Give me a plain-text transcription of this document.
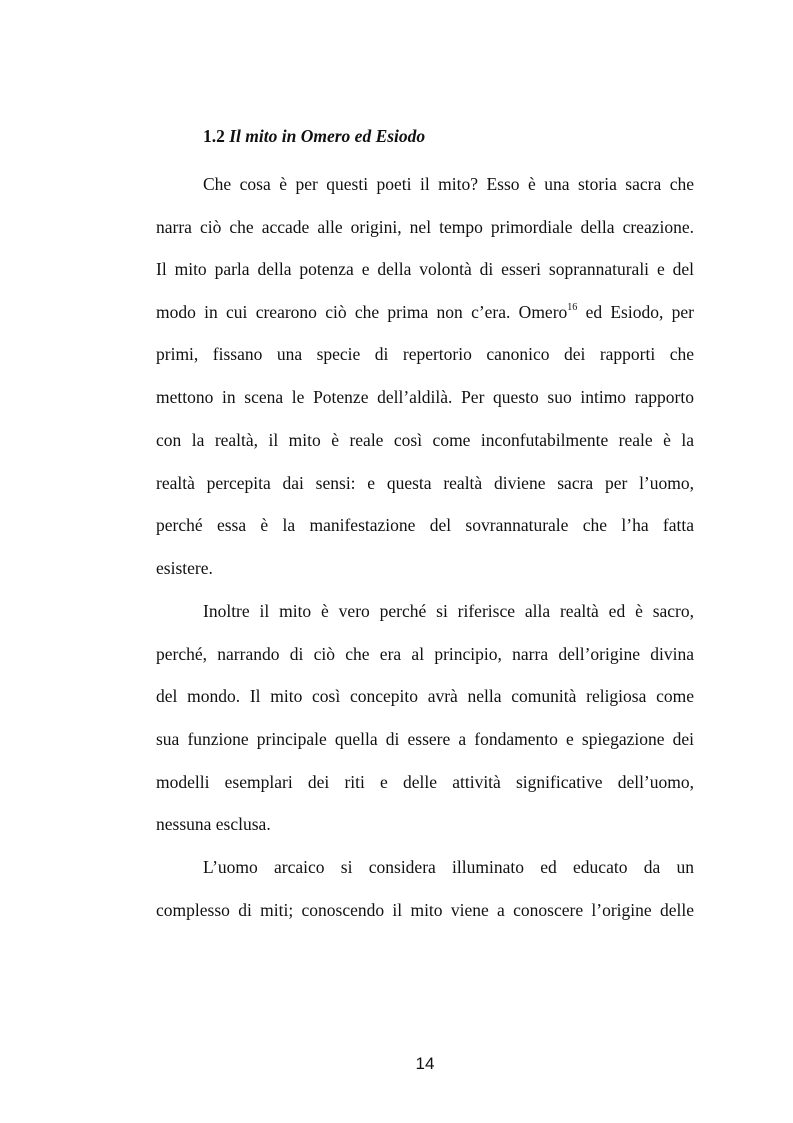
1.2 Il mito in Omero ed Esiodo
Che cosa è per questi poeti il mito? Esso è una storia sacra che
narra ciò che accade alle origini, nel tempo primordiale della creazione.
Il mito parla della potenza e della volontà di esseri soprannaturali e del
modo in cui crearono ciò che prima non c’era. Omero$^{16}$ ed Esiodo, per
primi, fissano una specie di repertorio canonico dei rapporti che
mettono in scena le Potenze dell’aldilà. Per questo suo intimo rapporto
con la realtà, il mito è reale così come inconfutabilmente reale è la
realtà percepita dai sensi: e questa realtà diviene sacra per l’uomo,
perché essa è la manifestazione del sovrannaturale che l’ha fatta
esistere.
Inoltre il mito è vero perché si riferisce alla realtà ed è sacro,
perché, narrando di ciò che era al principio, narra dell’origine divina
del mondo. Il mito così concepito avrà nella comunità religiosa come
sua funzione principale quella di essere a fondamento e spiegazione dei
modelli esemplari dei riti e delle attività significative dell’uomo,
nessuna esclusa.
L’uomo arcaico si considera illuminato ed educato da un
complesso di miti; conoscendo il mito viene a conoscere l’origine delle
14
